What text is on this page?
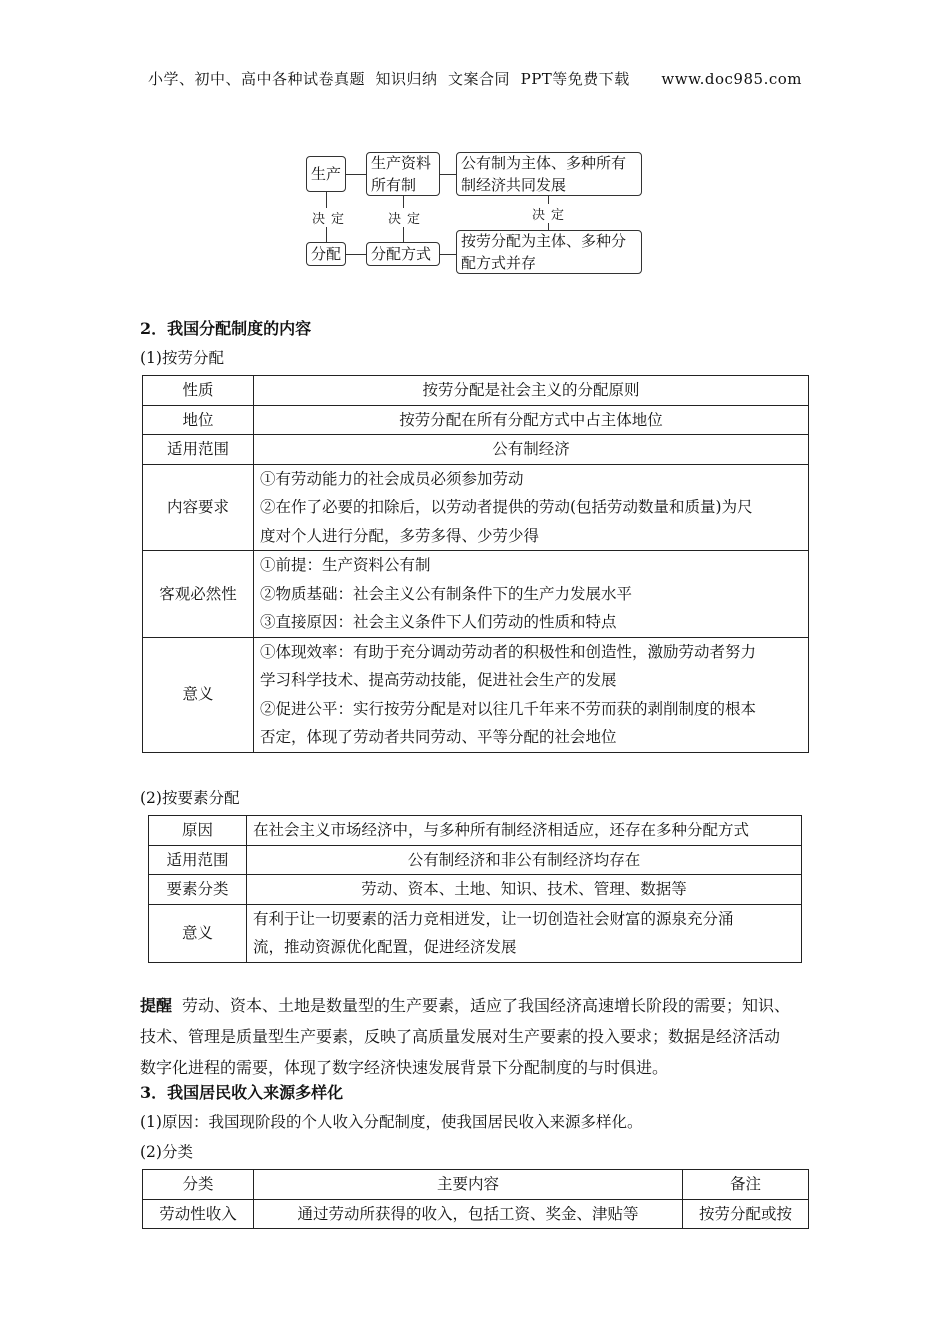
小学、初中、高中各种试卷真题  知识归纳  文案合同  PPT等免费下载      www.doc985.com
生产
生产资料
所有制
公有制为主体、多种所有
制经济共同发展
决定	决定	决定
分配 分配方式
按劳分配为主体、多种分
配方式并存
2．我国分配制度的内容
(1)按劳分配
性质	按劳分配是社会主义的分配原则
地位	按劳分配在所有分配方式中占主体地位
适用范围	公有制经济
内容要求	①有劳动能力的社会成员必须参加劳动
②在作了必要的扣除后，以劳动者提供的劳动(包括劳动数量和质量)为尺
度对个人进行分配，多劳多得、少劳少得

客观必然性	①前提：生产资料公有制
②物质基础：社会主义公有制条件下的生产力发展水平
③直接原因：社会主义条件下人们劳动的性质和特点

意义	①体现效率：有助于充分调动劳动者的积极性和创造性，激励劳动者努力
学习科学技术、提高劳动技能，促进社会生产的发展
②促进公平：实行按劳分配是对以往几千年来不劳而获的剥削制度的根本
否定，体现了劳动者共同劳动、平等分配的社会地位
(2)按要素分配
原因	在社会主义市场经济中，与多种所有制经济相适应，还存在多种分配方式
适用范围	公有制经济和非公有制经济均存在
要素分类	劳动、资本、土地、知识、技术、管理、数据等
意义	有利于让一切要素的活力竞相迸发，让一切创造社会财富的源泉充分涌
流，推动资源优化配置，促进经济发展
提醒 劳动、资本、土地是数量型的生产要素，适应了我国经济高速增长阶段的需要；知识、
技术、管理是质量型生产要素，反映了高质量发展对生产要素的投入要求；数据是经济活动
数字化进程的需要，体现了数字经济快速发展背景下分配制度的与时俱进。
3．我国居民收入来源多样化
(1)原因：我国现阶段的个人收入分配制度，使我国居民收入来源多样化。
(2)分类
分类	主要内容	备注
劳动性收入	通过劳动所获得的收入，包括工资、奖金、津贴等	按劳分配或按
